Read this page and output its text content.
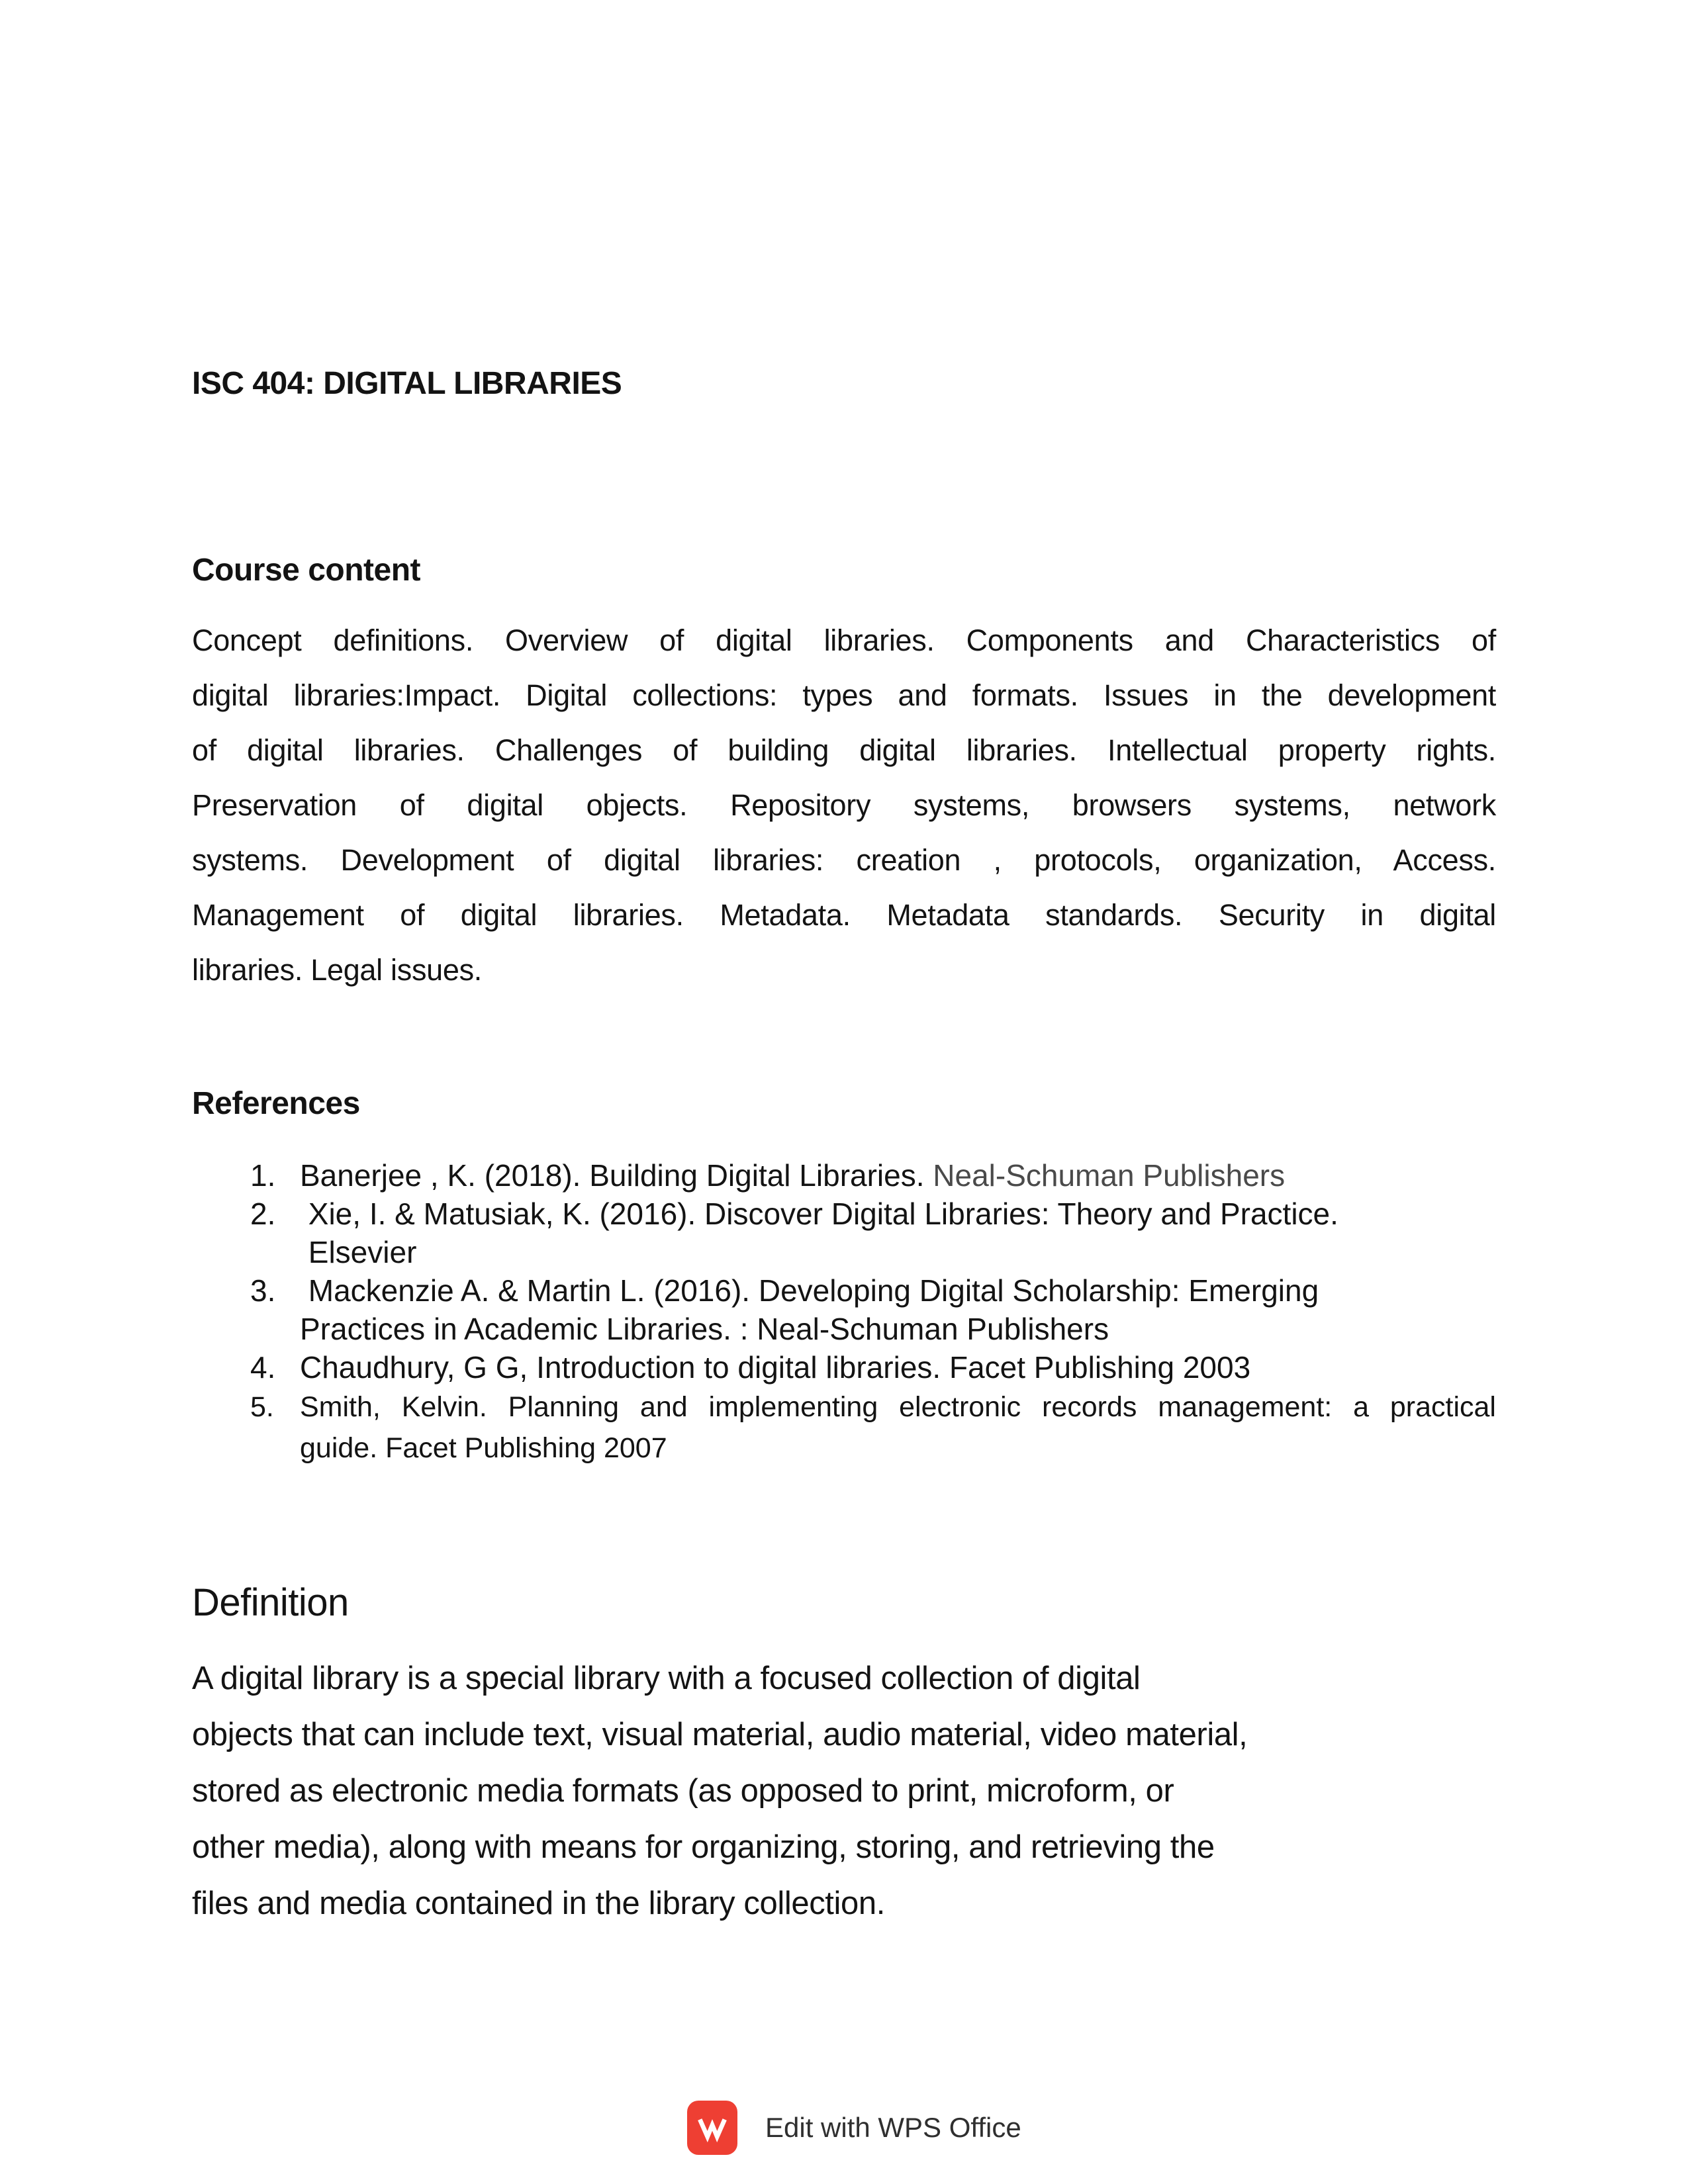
ISC 404: DIGITAL LIBRARIES
Course content
Concept definitions. Overview of digital libraries. Components and Characteristics of
digital libraries:Impact. Digital collections: types and formats. Issues in the development
of digital libraries. Challenges of building digital libraries. Intellectual property rights.
Preservation of digital objects. Repository systems, browsers systems, network
systems. Development of digital libraries: creation , protocols, organization, Access.
Management of digital libraries. Metadata. Metadata standards. Security in digital
libraries. Legal issues.
References
1. Banerjee , K. (2018). Building Digital Libraries. Neal-Schuman Publishers
2. Xie, I. & Matusiak, K. (2016). Discover Digital Libraries: Theory and Practice.
Elsevier
3. Mackenzie A. & Martin L. (2016). Developing Digital Scholarship: Emerging
Practices in Academic Libraries. : Neal-Schuman Publishers
4. Chaudhury, G G, Introduction to digital libraries. Facet Publishing 2003
5. Smith, Kelvin. Planning and implementing electronic records management: a practical
guide. Facet Publishing 2007
Definition
A digital library is a special library with a focused collection of digital
objects that can include text, visual material, audio material, video material,
stored as electronic media formats (as opposed to print, microform, or
other media), along with means for organizing, storing, and retrieving the
files and media contained in the library collection.
Edit with WPS Office
